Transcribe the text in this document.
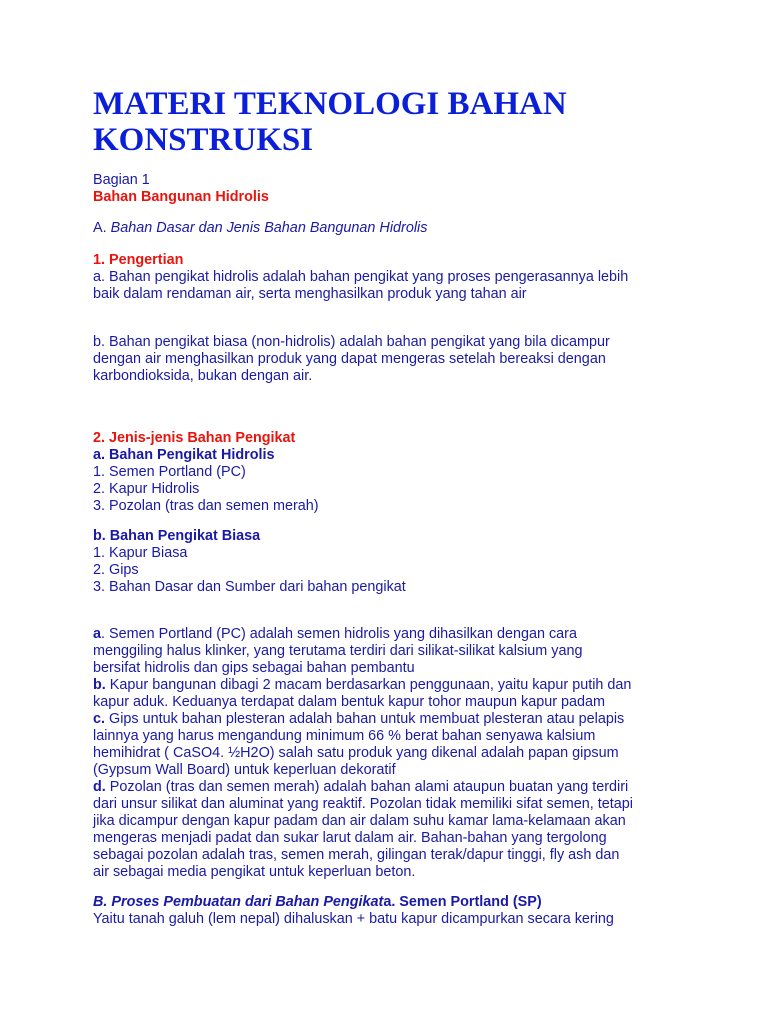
MATERI TEKNOLOGI BAHAN
KONSTRUKSI

Bagian 1

Bahan Bangunan Hidrolis

A. Bahan Dasar dan Jenis Bahan Bangunan Hidrolis

1. Pengertian

a. Bahan pengikat hidrolis adalah bahan pengikat yang proses pengerasannya lebih

baik dalam rendaman air, serta menghasilkan produk yang tahan air

b. Bahan pengikat biasa (non-hidrolis) adalah bahan pengikat yang bila dicampur

dengan air menghasilkan produk yang dapat mengeras setelah bereaksi dengan

karbondioksida, bukan dengan air.

2. Jenis-jenis Bahan Pengikat

a. Bahan Pengikat Hidrolis

1. Semen Portland (PC)

2. Kapur Hidrolis

3. Pozolan (tras dan semen merah)

b. Bahan Pengikat Biasa

1. Kapur Biasa

2. Gips

3. Bahan Dasar dan Sumber dari bahan pengikat

a. Semen Portland (PC) adalah semen hidrolis yang dihasilkan dengan cara

menggiling halus klinker, yang terutama terdiri dari silikat-silikat kalsium yang

bersifat hidrolis dan gips sebagai bahan pembantu

b. Kapur bangunan dibagi 2 macam berdasarkan penggunaan, yaitu kapur putih dan

kapur aduk. Keduanya terdapat dalam bentuk kapur tohor maupun kapur padam

c. Gips untuk bahan plesteran adalah bahan untuk membuat plesteran atau pelapis

lainnya yang harus mengandung minimum 66 % berat bahan senyawa kalsium

hemihidrat ( CaSO4. ½H2O) salah satu produk yang dikenal adalah papan gipsum

(Gypsum Wall Board) untuk keperluan dekoratif

d. Pozolan (tras dan semen merah) adalah bahan alami ataupun buatan yang terdiri

dari unsur silikat dan aluminat yang reaktif. Pozolan tidak memiliki sifat semen, tetapi

jika dicampur dengan kapur padam dan air dalam suhu kamar lama-kelamaan akan

mengeras menjadi padat dan sukar larut dalam air. Bahan-bahan yang tergolong

sebagai pozolan adalah tras, semen merah, gilingan terak/dapur tinggi, fly ash dan

air sebagai media pengikat untuk keperluan beton.

B. Proses Pembuatan dari Bahan Pengikata. Semen Portland (SP)

Yaitu tanah galuh (lem nepal) dihaluskan + batu kapur dicampurkan secara kering
